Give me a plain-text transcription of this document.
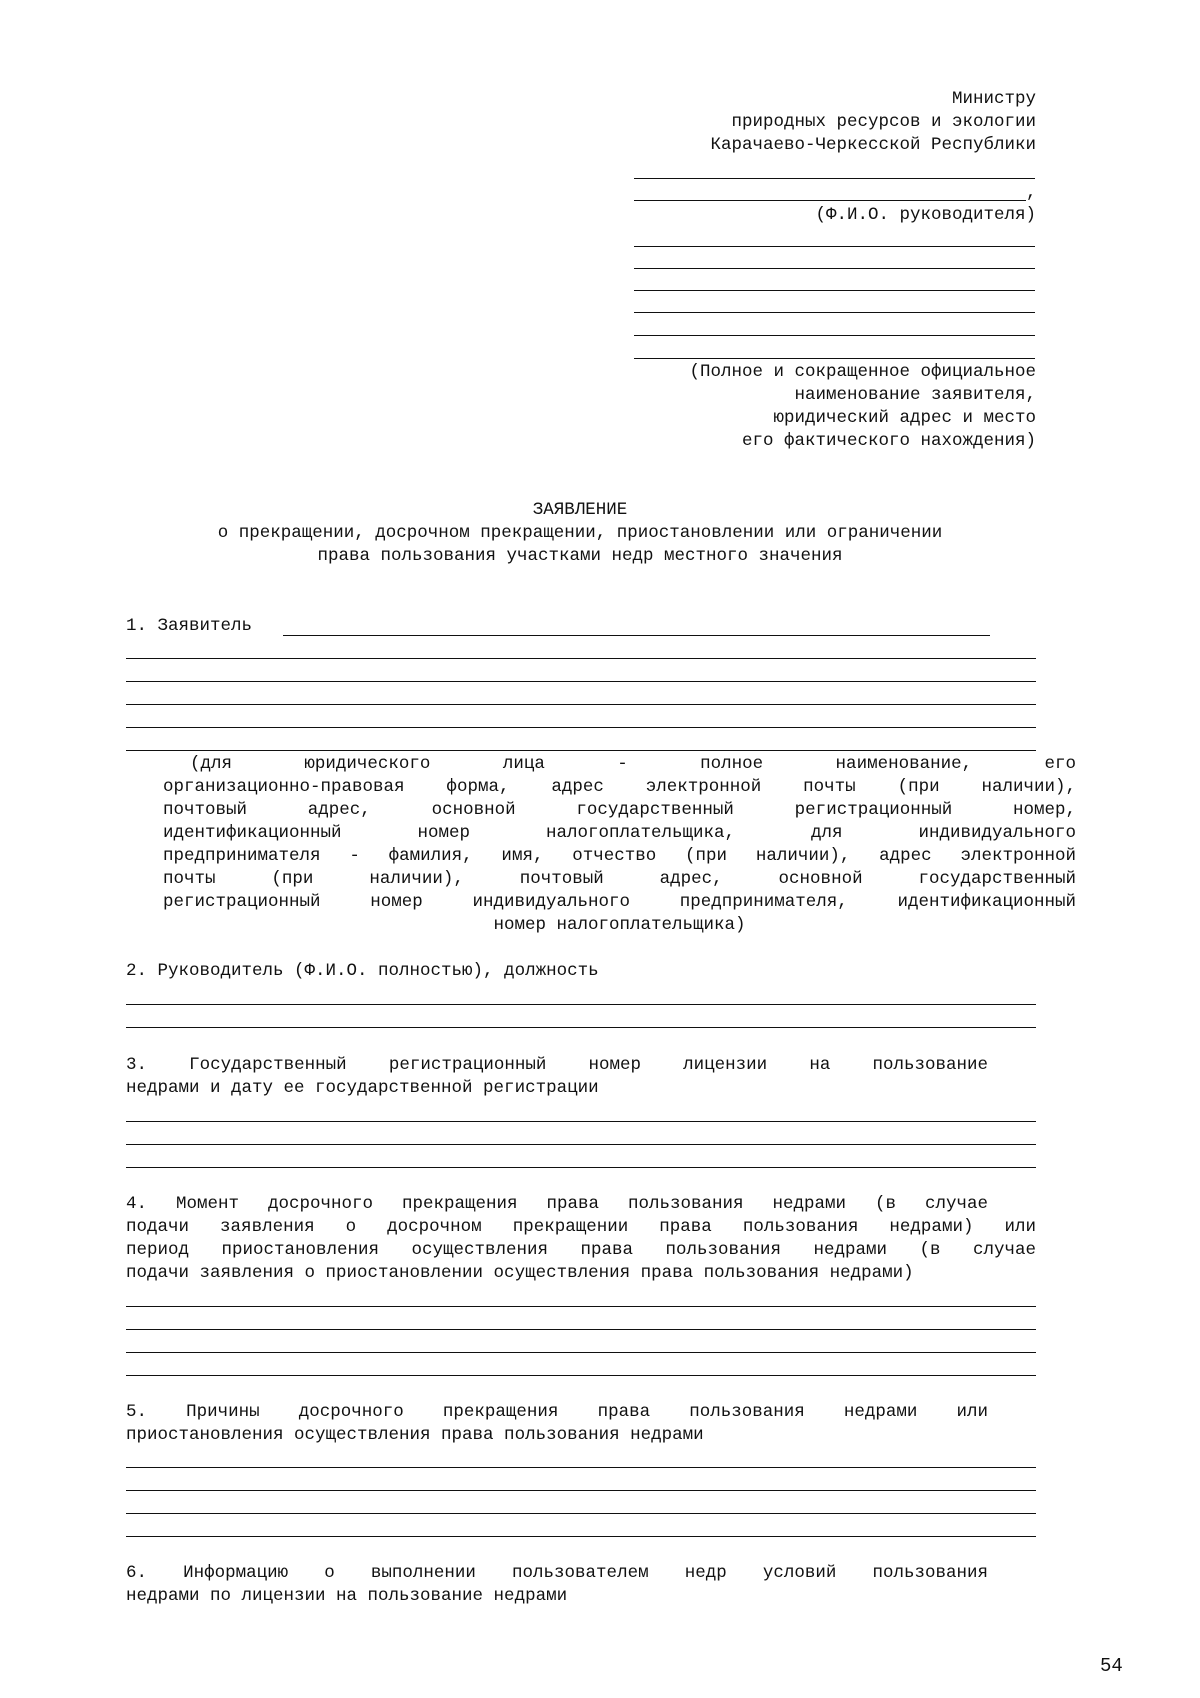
Министру
природных ресурсов и экологии
Карачаево-Черкесской Республики
,
(Ф.И.О. руководителя)
(Полное и сокращенное официальное
наименование заявителя,
юридический адрес и место
его фактического нахождения)
ЗАЯВЛЕНИЕ
о прекращении, досрочном прекращении, приостановлении или ограничении
права пользования участками недр местного значения
1. Заявитель
(для юридического лица - полное наименование, его
организационно-правовая форма, адрес электронной почты (при наличии),
почтовый адрес, основной государственный регистрационный номер,
идентификационный номер налогоплательщика, для индивидуального
предпринимателя - фамилия, имя, отчество (при наличии), адрес электронной
почты (при наличии), почтовый адрес, основной государственный
регистрационный номер индивидуального предпринимателя, идентификационный
номер налогоплательщика)
2. Руководитель (Ф.И.О. полностью), должность
3. Государственный регистрационный номер лицензии на пользование
недрами и дату ее государственной регистрации
4. Момент досрочного прекращения права пользования недрами (в случае
подачи заявления о досрочном прекращении права пользования недрами) или
период приостановления осуществления права пользования недрами (в случае
подачи заявления о приостановлении осуществления права пользования недрами)
5. Причины досрочного прекращения права пользования недрами или
приостановления осуществления права пользования недрами
6. Информацию о выполнении пользователем недр условий пользования
недрами по лицензии на пользование недрами
54
